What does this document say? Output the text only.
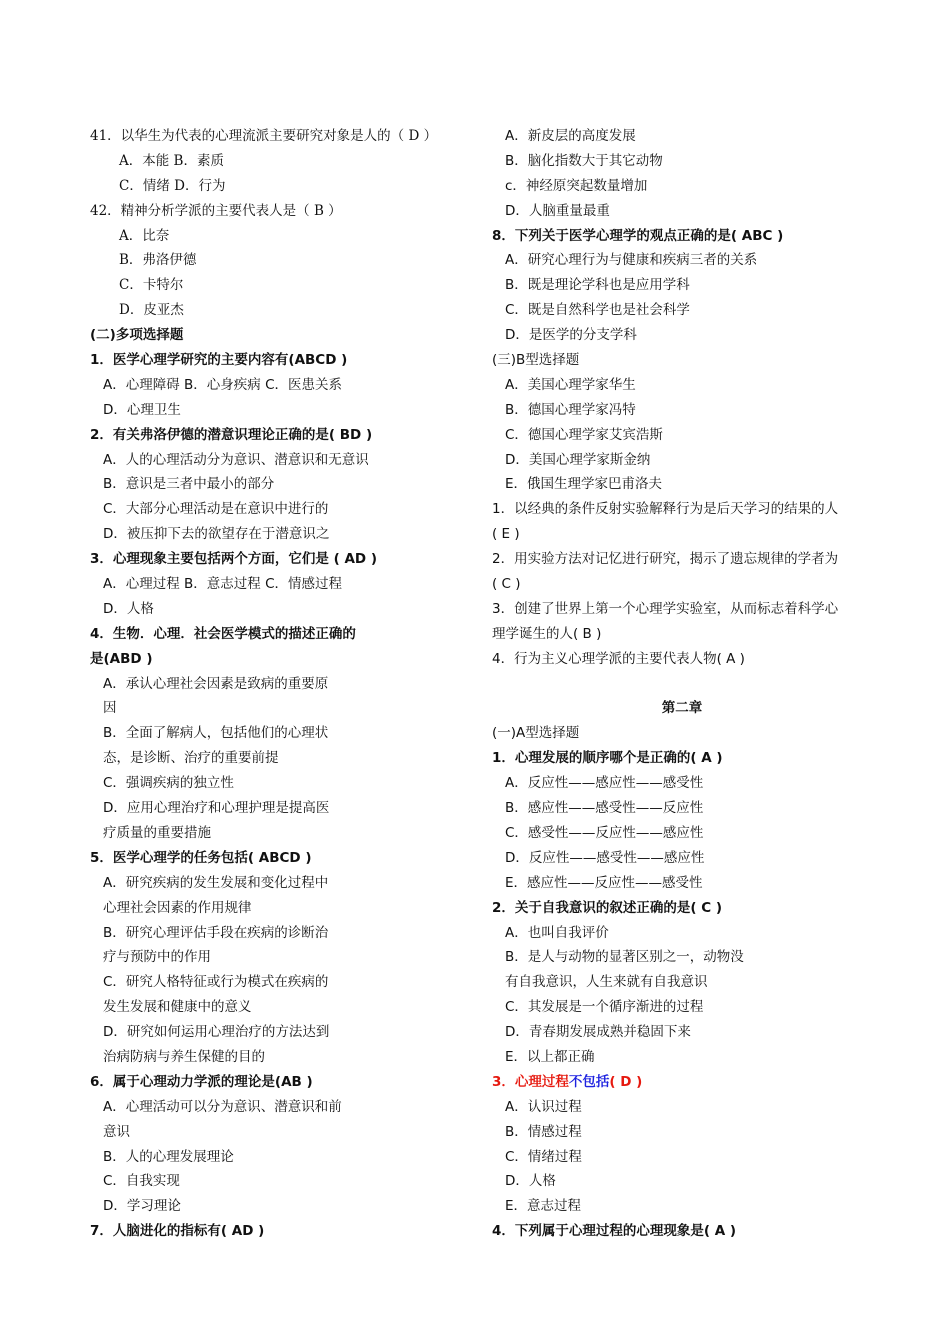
41．以华生为代表的心理流派主要研究对象是人的（ D ）
A．本能 B．素质
C．情绪 D．行为
42．精神分析学派的主要代表人是（ B ）
A．比奈
B．弗洛伊德
C．卡特尔
D．皮亚杰
(二)多项选择题
1．医学心理学研究的主要内容有(ABCD )
A．心理障碍 B．心身疾病 C．医患关系
D．心理卫生
2．有关弗洛伊德的潜意识理论正确的是( BD )
A．人的心理活动分为意识、潜意识和无意识
B．意识是三者中最小的部分
C．大部分心理活动是在意识中进行的
D．被压抑下去的欲望存在于潜意识之
3．心理现象主要包括两个方面，它们是 ( AD )
A．心理过程 B．意志过程 C．情感过程
D．人格
4．生物．心理．社会医学模式的描述正确的
是(ABD )
A．承认心理社会因素是致病的重要原
因
B．全面了解病人，包括他们的心理状
态，是诊断、治疗的重要前提
C．强调疾病的独立性
D．应用心理治疗和心理护理是提高医
疗质量的重要措施
5．医学心理学的任务包括( ABCD )
A．研究疾病的发生发展和变化过程中
心理社会因素的作用规律
B．研究心理评估手段在疾病的诊断治
疗与预防中的作用
C．研究人格特征或行为模式在疾病的
发生发展和健康中的意义
D．研究如何运用心理治疗的方法达到
治病防病与养生保健的目的
6．属于心理动力学派的理论是(AB )
A．心理活动可以分为意识、潜意识和前
意识
B．人的心理发展理论
C．自我实现
D．学习理论
7．人脑进化的指标有( AD )
A．新皮层的高度发展
B．脑化指数大于其它动物
c．神经原突起数量增加
D．人脑重量最重
8．下列关于医学心理学的观点正确的是( ABC )
A．研究心理行为与健康和疾病三者的关系
B．既是理论学科也是应用学科
C．既是自然科学也是社会科学
D．是医学的分支学科
(三)B型选择题
A．美国心理学家华生
B．德国心理学家冯特
C．德国心理学家艾宾浩斯
D．美国心理学家斯金纳
E．俄国生理学家巴甫洛夫
1．以经典的条件反射实验解释行为是后天学习的结果的人
( E )
2．用实验方法对记忆进行研究，揭示了遗忘规律的学者为
( C )
3．创建了世界上第一个心理学实验室，从而标志着科学心
理学诞生的人( B )
4．行为主义心理学派的主要代表人物( A )
第二章
(一)A型选择题
1．心理发展的顺序哪个是正确的( A )
A．反应性——感应性——感受性
B．感应性——感受性——反应性
C．感受性——反应性——感应性
D．反应性——感受性——感应性
E．感应性——反应性——感受性
2．关于自我意识的叙述正确的是( C )
A．也叫自我评价
B．是人与动物的显著区别之一，动物没
有自我意识，人生来就有自我意识
C．其发展是一个循序渐进的过程
D．青春期发展成熟并稳固下来
E．以上都正确
3．心理过程不包括( D )
A．认识过程
B．情感过程
C．情绪过程
D．人格
E．意志过程
4．下列属于心理过程的心理现象是( A )
